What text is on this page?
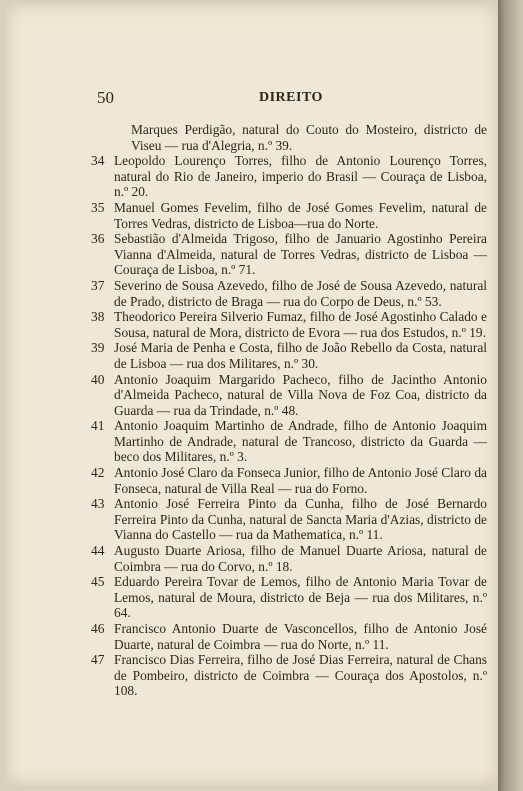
50	DIREITO

Marques Perdigão, natural do Couto do Mosteiro, districto de Viseu — rua d'Alegria, n.º 39.

34 Leopoldo Lourenço Torres, filho de Antonio Lourenço Torres, natural do Rio de Janeiro, imperio do Brasil — Couraça de Lisboa, n.º 20.

35 Manuel Gomes Fevelim, filho de José Gomes Fevelim, natural de Torres Vedras, districto de Lisboa—rua do Norte.

36 Sebastião d'Almeida Trigoso, filho de Januario Agostinho Pereira Vianna d'Almeida, natural de Torres Vedras, districto de Lisboa — Couraça de Lisboa, n.º 71.

37 Severino de Sousa Azevedo, filho de José de Sousa Azevedo, natural de Prado, districto de Braga — rua do Corpo de Deus, n.º 53.

38 Theodorico Pereira Silverio Fumaz, filho de José Agostinho Calado e Sousa, natural de Mora, districto de Evora — rua dos Estudos, n.º 19.

39 José Maria de Penha e Costa, filho de João Rebello da Costa, natural de Lisboa — rua dos Militares, n.º 30.

40 Antonio Joaquim Margarido Pacheco, filho de Jacintho Antonio d'Almeida Pacheco, natural de Villa Nova de Foz Coa, districto da Guarda — rua da Trindade, n.º 48.

41 Antonio Joaquim Martinho de Andrade, filho de Antonio Joaquim Martinho de Andrade, natural de Trancoso, districto da Guarda — beco dos Militares, n.º 3.

42 Antonio José Claro da Fonseca Junior, filho de Antonio José Claro da Fonseca, natural de Villa Real — rua do Forno.

43 Antonio José Ferreira Pinto da Cunha, filho de José Bernardo Ferreira Pinto da Cunha, natural de Sancta Maria d'Azias, districto de Vianna do Castello — rua da Mathematica, n.º 11.

44 Augusto Duarte Ariosa, filho de Manuel Duarte Ariosa, natural de Coimbra — rua do Corvo, n.º 18.

45 Eduardo Pereira Tovar de Lemos, filho de Antonio Maria Tovar de Lemos, natural de Moura, districto de Beja — rua dos Militares, n.º 64.

46 Francisco Antonio Duarte de Vasconcellos, filho de Antonio José Duarte, natural de Coimbra — rua do Norte, n.º 11.

47 Francisco Dias Ferreira, filho de José Dias Ferreira, natural de Chans de Pombeiro, districto de Coimbra — Couraça dos Apostolos, n.º 108.
